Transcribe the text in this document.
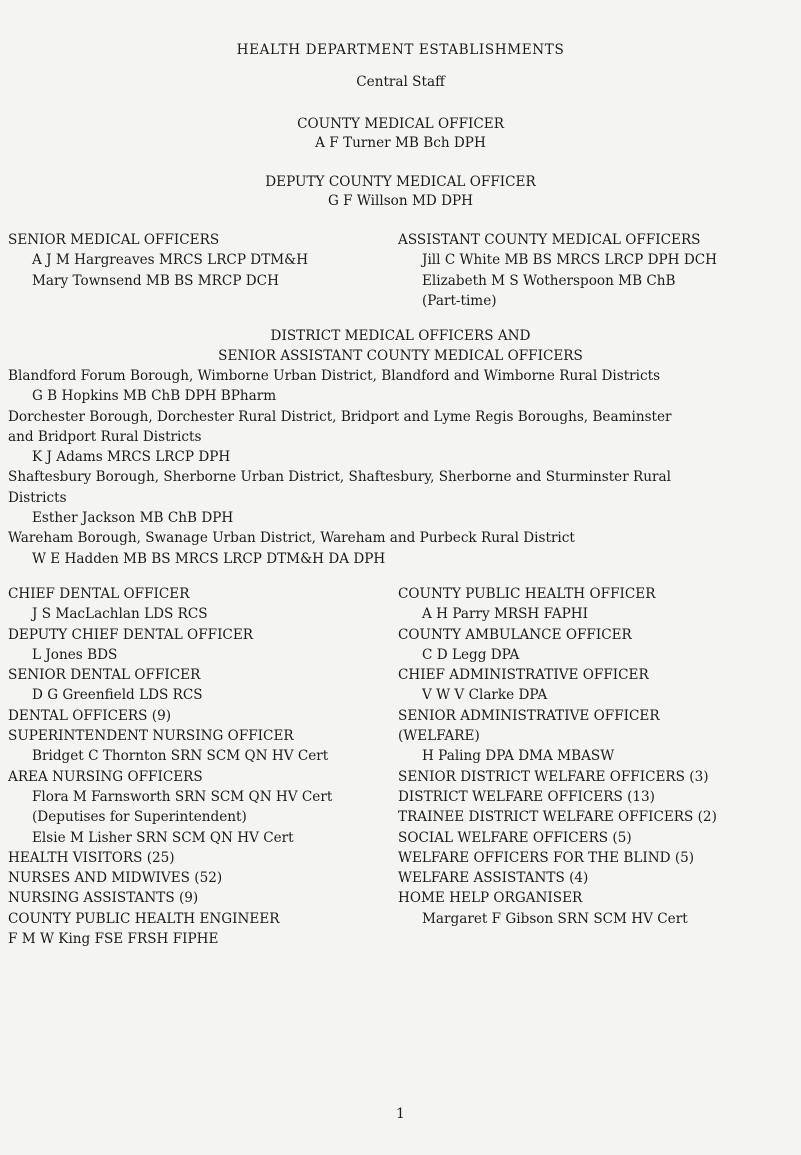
HEALTH DEPARTMENT ESTABLISHMENTS
Central Staff
COUNTY MEDICAL OFFICER
A F Turner MB Bch DPH
DEPUTY COUNTY MEDICAL OFFICER
G F Willson MD DPH
SENIOR MEDICAL OFFICERS
A J M Hargreaves MRCS LRCP DTM&H
Mary Townsend MB BS MRCP DCH
ASSISTANT COUNTY MEDICAL OFFICERS
Jill C White MB BS MRCS LRCP DPH DCH
Elizabeth M S Wotherspoon MB ChB
(Part-time)
DISTRICT MEDICAL OFFICERS AND
SENIOR ASSISTANT COUNTY MEDICAL OFFICERS
Blandford Forum Borough, Wimborne Urban District, Blandford and Wimborne Rural Districts
G B Hopkins MB ChB DPH BPharm
Dorchester Borough, Dorchester Rural District, Bridport and Lyme Regis Boroughs, Beaminster
and Bridport Rural Districts
K J Adams MRCS LRCP DPH
Shaftesbury Borough, Sherborne Urban District, Shaftesbury, Sherborne and Sturminster Rural
Districts
Esther Jackson MB ChB DPH
Wareham Borough, Swanage Urban District, Wareham and Purbeck Rural District
W E Hadden MB BS MRCS LRCP DTM&H DA DPH
CHIEF DENTAL OFFICER
J S MacLachlan LDS RCS
DEPUTY CHIEF DENTAL OFFICER
L Jones BDS
SENIOR DENTAL OFFICER
D G Greenfield LDS RCS
DENTAL OFFICERS (9)
SUPERINTENDENT NURSING OFFICER
Bridget C Thornton SRN SCM QN HV Cert
AREA NURSING OFFICERS
Flora M Farnsworth SRN SCM QN HV Cert
(Deputises for Superintendent)
Elsie M Lisher SRN SCM QN HV Cert
HEALTH VISITORS (25)
NURSES AND MIDWIVES (52)
NURSING ASSISTANTS (9)
COUNTY PUBLIC HEALTH ENGINEER
F M W King FSE FRSH FIPHE
COUNTY PUBLIC HEALTH OFFICER
A H Parry MRSH FAPHI
COUNTY AMBULANCE OFFICER
C D Legg DPA
CHIEF ADMINISTRATIVE OFFICER
V W V Clarke DPA
SENIOR ADMINISTRATIVE OFFICER
(WELFARE)
H Paling DPA DMA MBASW
SENIOR DISTRICT WELFARE OFFICERS (3)
DISTRICT WELFARE OFFICERS (13)
TRAINEE DISTRICT WELFARE OFFICERS (2)
SOCIAL WELFARE OFFICERS (5)
WELFARE OFFICERS FOR THE BLIND (5)
WELFARE ASSISTANTS (4)
HOME HELP ORGANISER
Margaret F Gibson SRN SCM HV Cert
1
